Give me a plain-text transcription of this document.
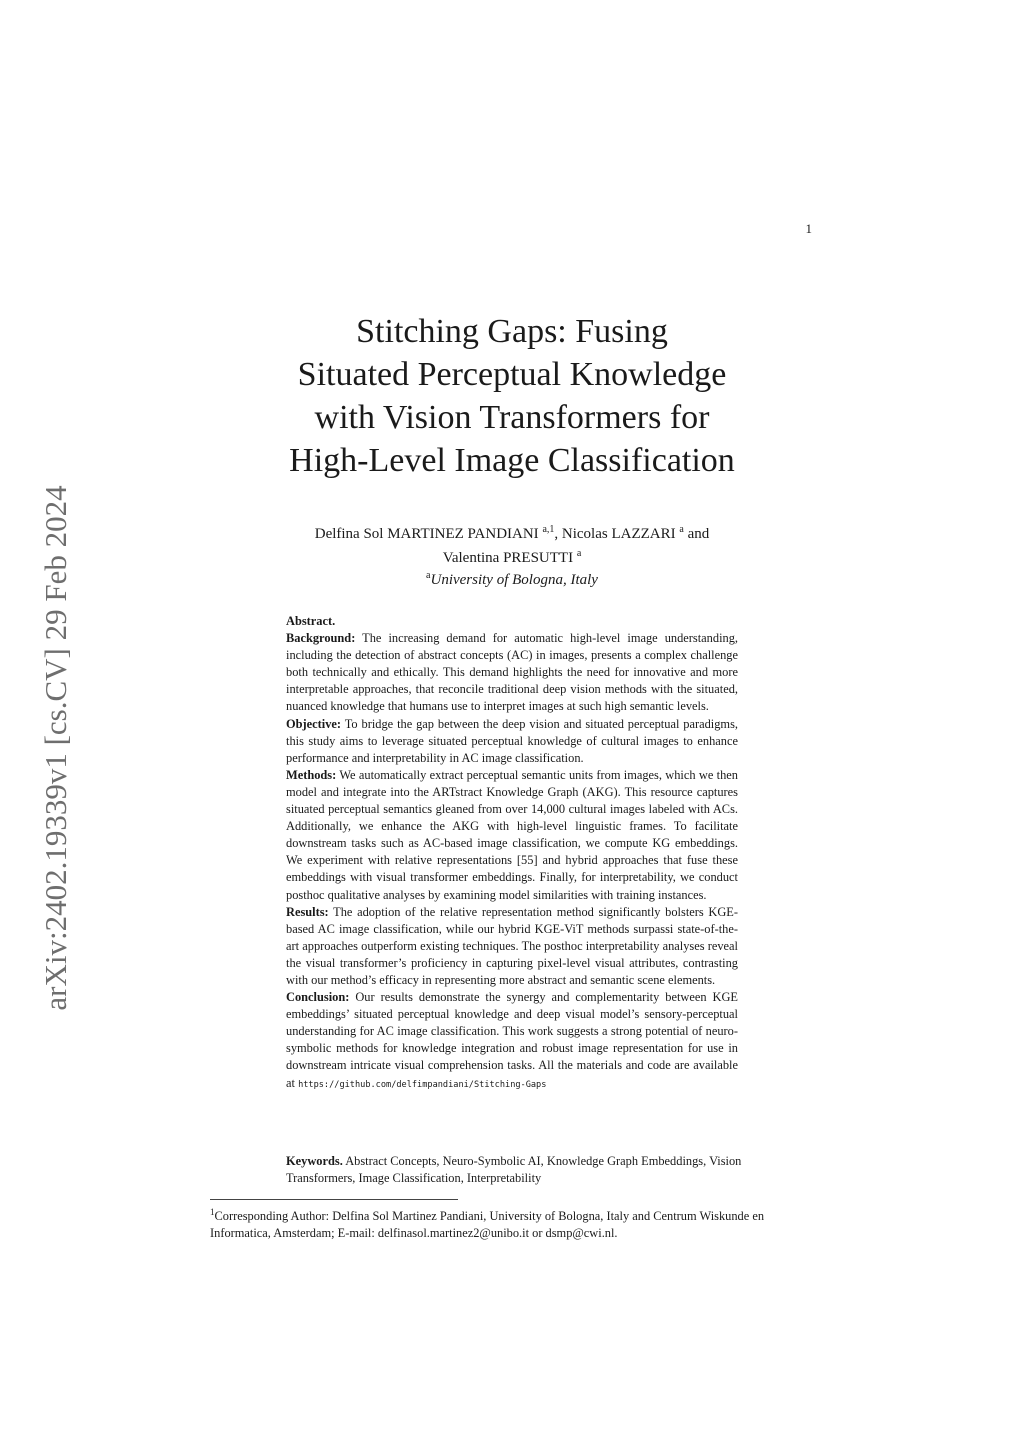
1
arXiv:2402.19339v1 [cs.CV] 29 Feb 2024
Stitching Gaps: Fusing
Situated Perceptual Knowledge
with Vision Transformers for
High-Level Image Classification
Delfina Sol MARTINEZ PANDIANI $^{a,1}$, Nicolas LAZZARI $^a$ and
Valentina PRESUTTI $^a$
$^a$University of Bologna, Italy

Abstract.

Background: The increasing demand for automatic high-level image understanding, including the detection of abstract concepts (AC) in images, presents a complex challenge both technically and ethically. This demand highlights the need for innovative and more interpretable approaches, that reconcile traditional deep vision methods with the situated, nuanced knowledge that humans use to interpret images at such high semantic levels.

Objective: To bridge the gap between the deep vision and situated perceptual paradigms, this study aims to leverage situated perceptual knowledge of cultural images to enhance performance and interpretability in AC image classification.

Methods: We automatically extract perceptual semantic units from images, which we then model and integrate into the ARTstract Knowledge Graph (AKG). This resource captures situated perceptual semantics gleaned from over 14,000 cultural images labeled with ACs. Additionally, we enhance the AKG with high-level linguistic frames. To facilitate downstream tasks such as AC-based image classification, we compute KG embeddings. We experiment with relative representations [55] and hybrid approaches that fuse these embeddings with visual transformer embeddings. Finally, for interpretability, we conduct posthoc qualitative analyses by examining model similarities with training instances.

Results: The adoption of the relative representation method significantly bolsters KGE-based AC image classification, while our hybrid KGE-ViT methods surpassi state-of-the-art approaches outperform existing techniques. The posthoc interpretability analyses reveal the visual transformer’s proficiency in capturing pixel-level visual attributes, contrasting with our method’s efficacy in representing more abstract and semantic scene elements.

Conclusion: Our results demonstrate the synergy and complementarity between KGE embeddings’ situated perceptual knowledge and deep visual model’s sensory-perceptual understanding for AC image classification. This work suggests a strong potential of neuro-symbolic methods for knowledge integration and robust image representation for use in downstream intricate visual comprehension tasks. All the materials and code are available at https://github.com/delfimpandiani/Stitching-Gaps

Keywords. Abstract Concepts, Neuro-Symbolic AI, Knowledge Graph Embeddings, Vision Transformers, Image Classification, Interpretability
$^1$Corresponding Author: Delfina Sol Martinez Pandiani, University of Bologna, Italy and Centrum Wiskunde en Informatica, Amsterdam; E-mail: delfinasol.martinez2@unibo.it or dsmp@cwi.nl.
